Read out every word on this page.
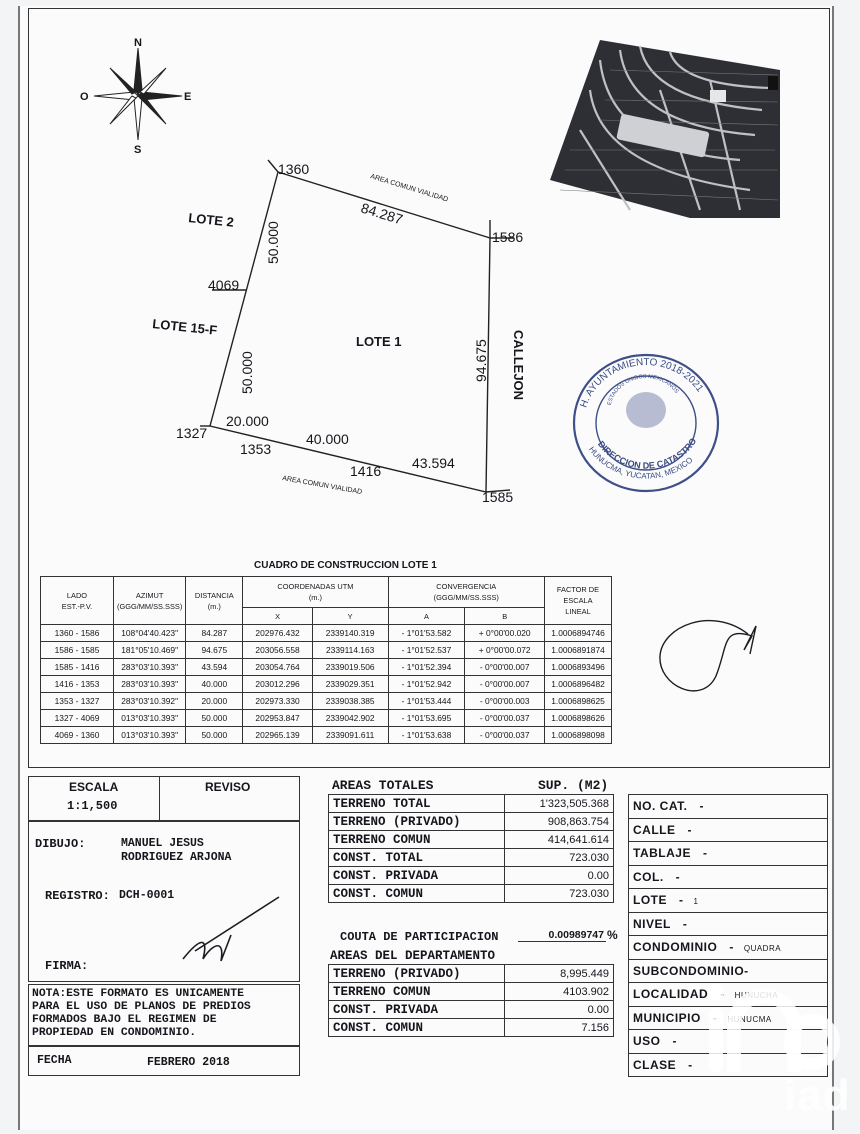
N
S
E
O
1360
1586
4069
1327
1353
1416
1585
AREA COMUN VIALIDAD
AREA COMUN VIALIDAD
84.287
50.000
50.000	94.675
20.000
40.000
43.594
LOTE 2
LOTE 15-F
LOTE 1	CALLEJON
H. AYUNTAMIENTO 2018-2021
ESTADOS UNIDOS MEXICANOS
DIRECCION DE CATASTRO
HUNUCMA, YUCATAN, MEXICO
CUADRO DE CONSTRUCCION LOTE 1
LADO
EST.-P.V.	AZIMUT
(GGG/MM/SS.SSS)	DISTANCIA
(m.)	COORDENADAS UTM
(m.)		CONVERGENCIA
(GGG/MM/SS.SSS)		FACTOR DE
ESCALA
LINEAL
			X	Y	A	B	
1360 - 1586	108°04'40.423"	84.287	202976.432	2339140.319	- 1°01'53.582	+ 0°00'00.020	1.0006894746
1586 - 1585	181°05'10.469"	94.675	203056.558	2339114.163	- 1°01'52.537	+ 0°00'00.072	1.0006891874
1585 - 1416	283°03'10.393"	43.594	203054.764	2339019.506	- 1°01'52.394	- 0°00'00.007	1.0006893496
1416 - 1353	283°03'10.393"	40.000	203012.296	2339029.351	- 1°01'52.942	- 0°00'00.007	1.0006896482
1353 - 1327	283°03'10.392"	20.000	202973.330	2339038.385	- 1°01'53.444	- 0°00'00.003	1.0006898625
1327 - 4069	013°03'10.393"	50.000	202953.847	2339042.902	- 1°01'53.695	- 0°00'00.037	1.0006898626
4069 - 1360	013°03'10.393"	50.000	202965.139	2339091.611	- 1°01'53.638	- 0°00'00.037	1.0006898098
ESCALA
1:1,500
REVISO
DIBUJO:	MANUEL JESUS
RODRIGUEZ ARJONA
REGISTRO: DCH-0001
FIRMA:
NOTA:ESTE FORMATO ES UNICAMENTE
PARA EL USO DE PLANOS DE PREDIOS
FORMADOS BAJO EL REGIMEN DE
PROPIEDAD EN CONDOMINIO.
FECHA	FEBRERO 2018
AREAS TOTALES	SUP. (M2)
TERRENO TOTAL	1'323,505.368
TERRENO (PRIVADO)	908,863.754
TERRENO COMUN	414,641.614
CONST. TOTAL	723.030
CONST. PRIVADA	0.00
CONST. COMUN	723.030
COUTA DE PARTICIPACION	0.00989747 %
AREAS DEL DEPARTAMENTO
TERRENO (PRIVADO)	8,995.449
TERRENO COMUN	4103.902
CONST. PRIVADA	0.00
CONST. COMUN	7.156
NO. CAT. -
CALLE -
TABLAJE -
COL. -
LOTE - 1
NIVEL -
CONDOMINIO - QUADRA
SUBCONDOMINIO-
LOCALIDAD	HUNUCHA
MUNICIPIO	HUNUCMA
USO -
CLASE -
iad
